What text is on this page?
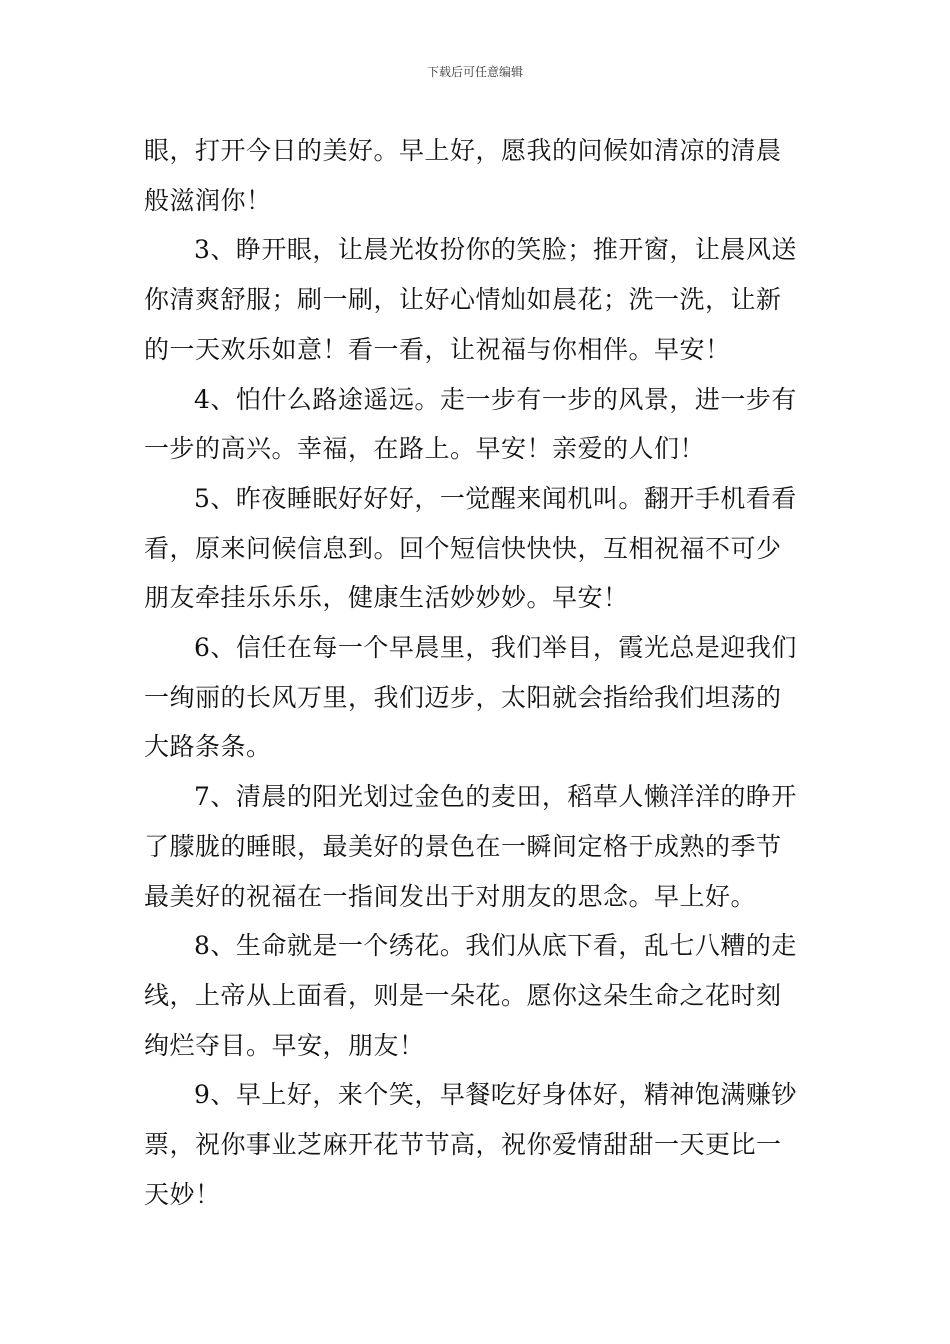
下载后可任意编辑

眼，打开今日的美好。早上好，愿我的问候如清凉的清晨
般滋润你！

3、睁开眼，让晨光妆扮你的笑脸；推开窗，让晨风送
你清爽舒服；刷一刷，让好心情灿如晨花；洗一洗，让新
的一天欢乐如意！看一看，让祝福与你相伴。早安！

4、怕什么路途遥远。走一步有一步的风景，进一步有
一步的高兴。幸福，在路上。早安！亲爱的人们！

5、昨夜睡眠好好好，一觉醒来闻机叫。翻开手机看看
看，原来问候信息到。回个短信快快快，互相祝福不可少
朋友牵挂乐乐乐，健康生活妙妙妙。早安！

6、信任在每一个早晨里，我们举目，霞光总是迎我们
一绚丽的长风万里，我们迈步，太阳就会指给我们坦荡的
大路条条。

7、清晨的阳光划过金色的麦田，稻草人懒洋洋的睁开
了朦胧的睡眼，最美好的景色在一瞬间定格于成熟的季节
最美好的祝福在一指间发出于对朋友的思念。早上好。

8、生命就是一个绣花。我们从底下看，乱七八糟的走
线，上帝从上面看，则是一朵花。愿你这朵生命之花时刻
绚烂夺目。早安，朋友！

9、早上好，来个笑，早餐吃好身体好，精神饱满赚钞
票，祝你事业芝麻开花节节高，祝你爱情甜甜一天更比一
天妙！
